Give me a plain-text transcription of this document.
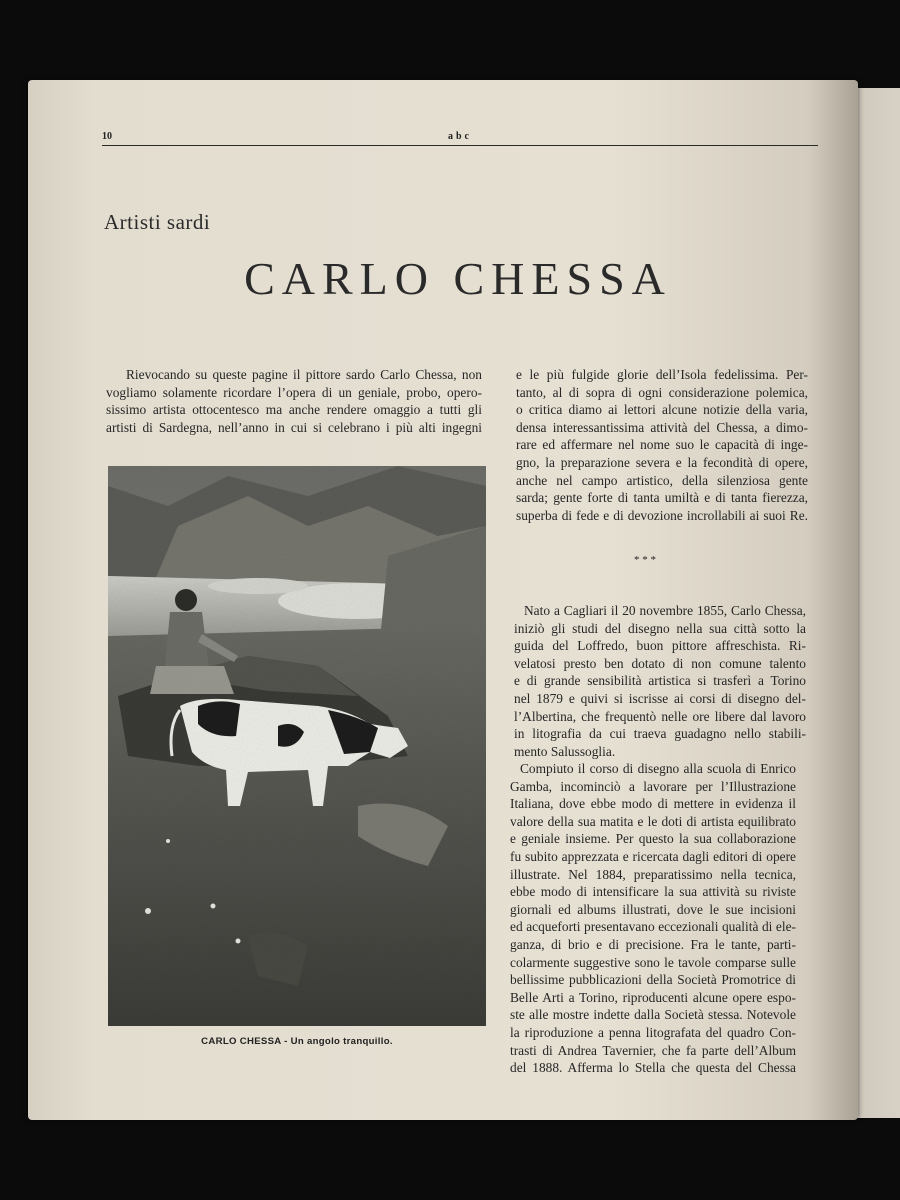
10	abc
Artisti sardi
CARLO CHESSA
Rievocando su queste pagine il pittore sardo Carlo Chessa, non
vogliamo solamente ricordare l’opera di un geniale, probo, opero-
sissimo artista ottocentesco ma anche rendere omaggio a tutti gli
artisti di Sardegna, nell’anno in cui si celebrano i più alti ingegni
e le più fulgide glorie dell’Isola fedelissima. Per-
tanto, al di sopra di ogni considerazione polemica,
o critica diamo ai lettori alcune notizie della varia,
densa interessantissima attività del Chessa, a dimo-
rare ed affermare nel nome suo le capacità di inge-
gno, la preparazione severa e la fecondità di opere,
anche nel campo artistico, della silenziosa gente
sarda; gente forte di tanta umiltà e di tanta fierezza,
superba di fede e di devozione incrollabili ai suoi Re.
* * *
Nato a Cagliari il 20 novembre 1855, Carlo Chessa,
iniziò gli studi del disegno nella sua città sotto la
guida del Loffredo, buon pittore affreschista. Ri-
velatosi presto ben dotato di non comune talento
e di grande sensibilità artistica si trasferì a Torino
nel 1879 e quivi si iscrisse ai corsi di disegno del-
l’Albertina, che frequentò nelle ore libere dal lavoro
in litografia da cui traeva guadagno nello stabili-
mento Salussoglia.
Compiuto il corso di disegno alla scuola di Enrico
Gamba, incominciò a lavorare per l’Illustrazione
Italiana, dove ebbe modo di mettere in evidenza il
valore della sua matita e le doti di artista equilibrato
e geniale insieme. Per questo la sua collaborazione
fu subito apprezzata e ricercata dagli editori di opere
illustrate. Nel 1884, preparatissimo nella tecnica,
ebbe modo di intensificare la sua attività su riviste
giornali ed albums illustrati, dove le sue incisioni
ed acqueforti presentavano eccezionali qualità di ele-
ganza, di brio e di precisione. Fra le tante, parti-
colarmente suggestive sono le tavole comparse sulle
bellissime pubblicazioni della Società Promotrice di
Belle Arti a Torino, riproducenti alcune opere espo-
ste alle mostre indette dalla Società stessa. Notevole
la riproduzione a penna litografata del quadro Con-
trasti di Andrea Tavernier, che fa parte dell’Album
del 1888. Afferma lo Stella che questa del Chessa
CARLO CHESSA - Un angolo tranquillo.
